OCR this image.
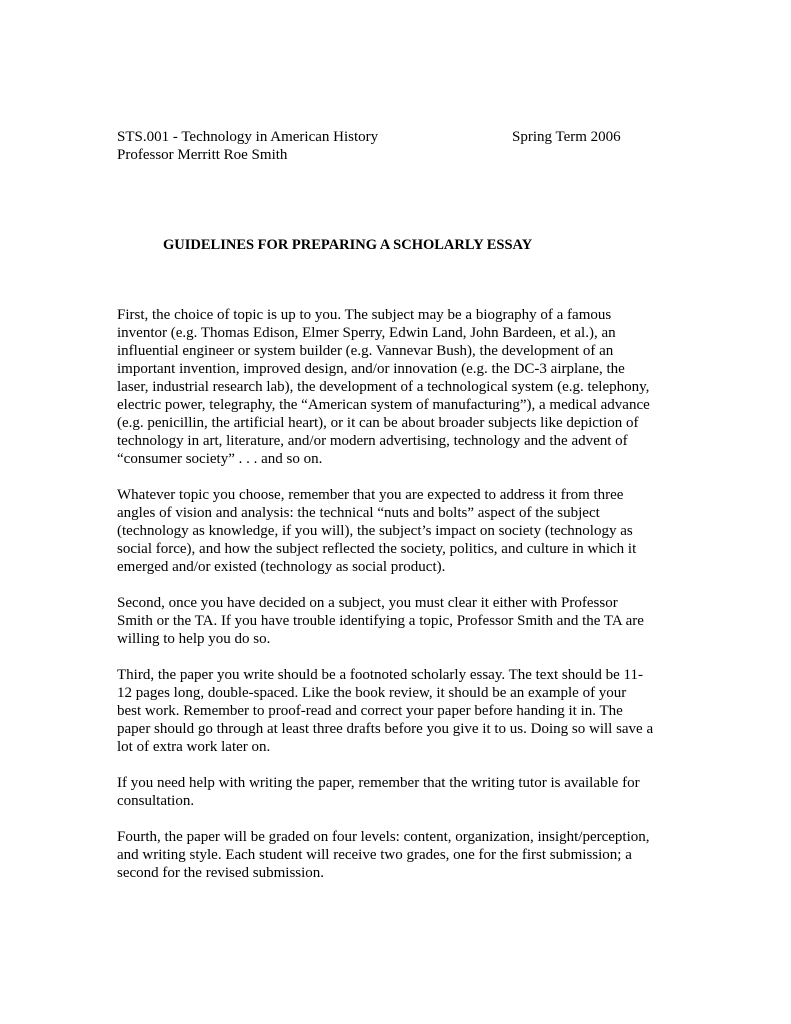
STS.001 - Technology in American History	Spring Term 2006
Professor Merritt Roe Smith
GUIDELINES FOR PREPARING A SCHOLARLY ESSAY

First, the choice of topic is up to you. The subject may be a biography of a famous
inventor (e.g. Thomas Edison, Elmer Sperry, Edwin Land, John Bardeen, et al.), an
influential engineer or system builder (e.g. Vannevar Bush), the development of an
important invention, improved design, and/or innovation (e.g. the DC-3 airplane, the
laser, industrial research lab), the development of a technological system (e.g. telephony,
electric power, telegraphy, the “American system of manufacturing”), a medical advance
(e.g. penicillin, the artificial heart), or it can be about broader subjects like depiction of
technology in art, literature, and/or modern advertising, technology and the advent of
“consumer society” . . . and so on.

Whatever topic you choose, remember that you are expected to address it from three
angles of vision and analysis: the technical “nuts and bolts” aspect of the subject
(technology as knowledge, if you will), the subject’s impact on society (technology as
social force), and how the subject reflected the society, politics, and culture in which it
emerged and/or existed (technology as social product).

Second, once you have decided on a subject, you must clear it either with Professor
Smith or the TA. If you have trouble identifying a topic, Professor Smith and the TA are
willing to help you do so.

Third, the paper you write should be a footnoted scholarly essay. The text should be 11-
12 pages long, double-spaced. Like the book review, it should be an example of your
best work. Remember to proof-read and correct your paper before handing it in. The
paper should go through at least three drafts before you give it to us. Doing so will save a
lot of extra work later on.

If you need help with writing the paper, remember that the writing tutor is available for
consultation.

Fourth, the paper will be graded on four levels: content, organization, insight/perception,
and writing style. Each student will receive two grades, one for the first submission; a
second for the revised submission.
